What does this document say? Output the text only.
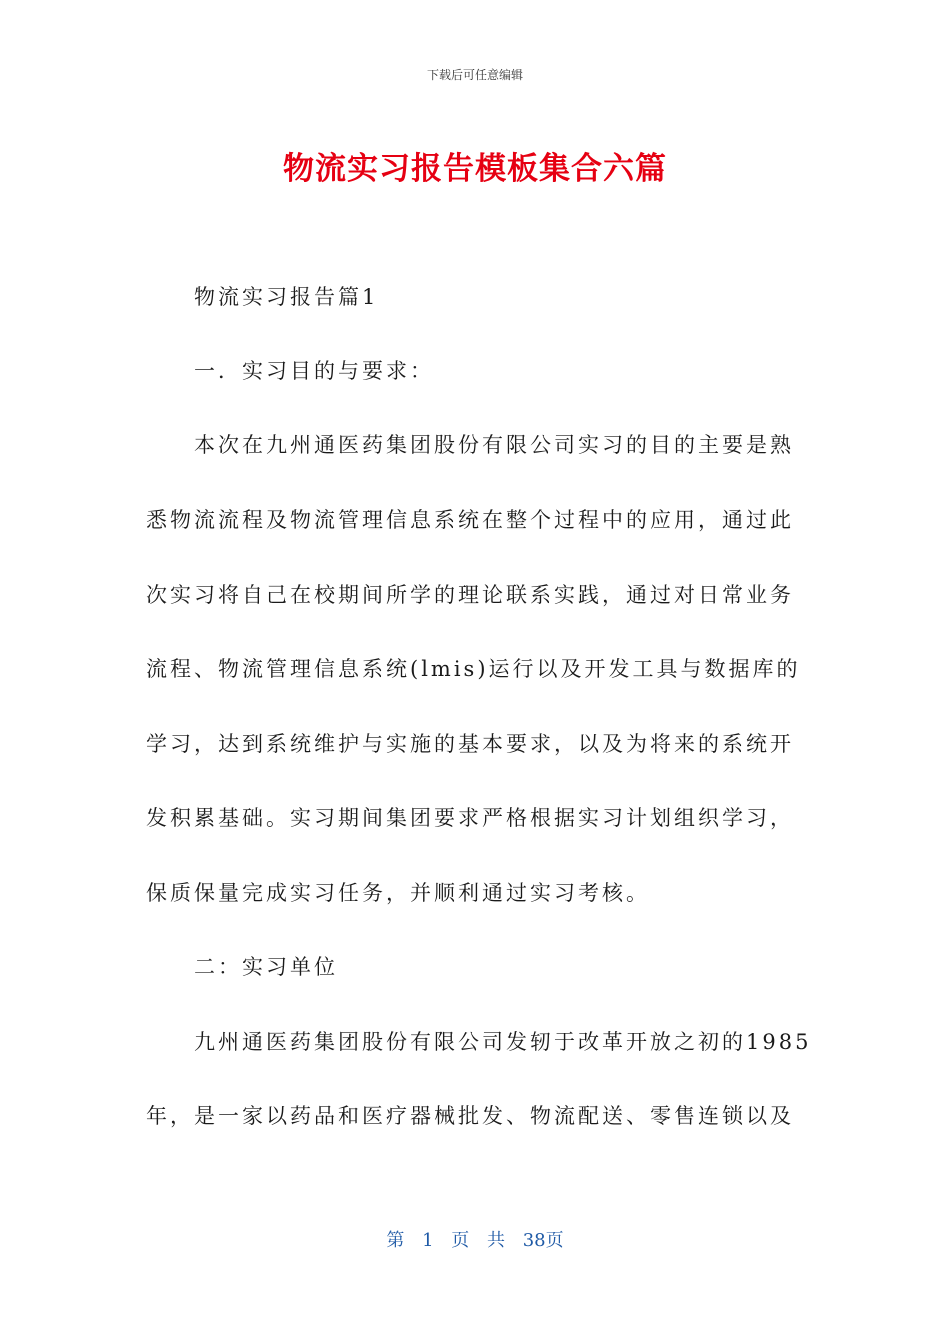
下载后可任意编辑
物流实习报告模板集合六篇
物流实习报告篇1
一．实习目的与要求：
本次在九州通医药集团股份有限公司实习的目的主要是熟
悉物流流程及物流管理信息系统在整个过程中的应用，通过此
次实习将自己在校期间所学的理论联系实践，通过对日常业务
流程、物流管理信息系统(lmis)运行以及开发工具与数据库的
学习，达到系统维护与实施的基本要求，以及为将来的系统开
发积累基础。实习期间集团要求严格根据实习计划组织学习，
保质保量完成实习任务，并顺利通过实习考核。
二：实习单位
九州通医药集团股份有限公司发轫于改革开放之初的1985
年，是一家以药品和医疗器械批发、物流配送、零售连锁以及
第 1 页 共 38页
